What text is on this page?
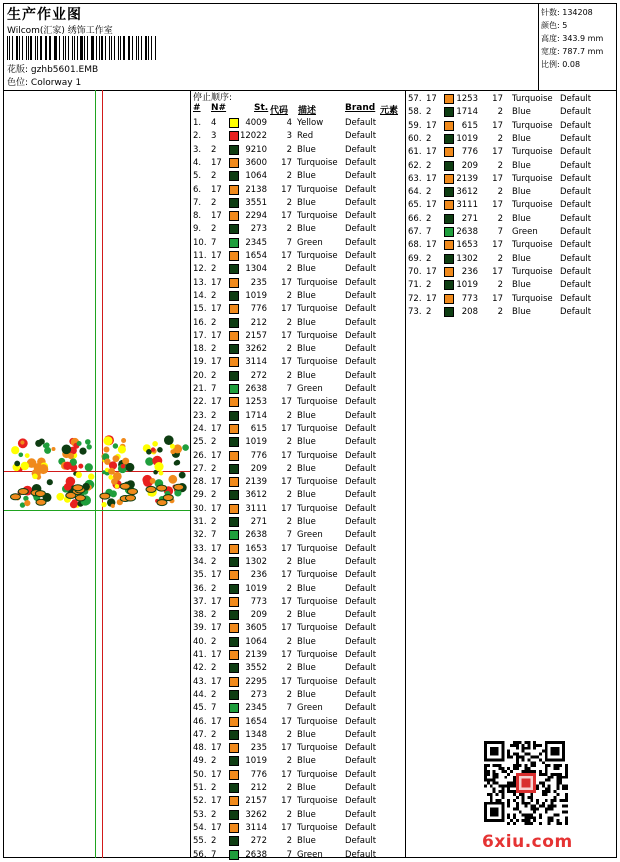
生产作业图
Wilcom(汇家) 绣饰工作室
花版: gzhb5601.EMB
色位: Colorway 1
针数: 134208
颜色: 5
高度: 343.9 mm
宽度: 787.7 mm
比例: 0.08
停止顺序:
# N#	St. 代码 描述	Brand 元素
1. 4	4009 4 Yellow	Default
2. 3	12022 3 Red	Default
3. 2	9210 2 Blue	Default
4. 17	3600 17 Turquoise Default
5. 2	1064 2 Blue	Default
6. 17	2138 17 Turquoise Default
7. 2	3551 2 Blue	Default
8. 17	2294 17 Turquoise Default
9. 2	273 2 Blue	Default
10. 7	2345 7 Green	Default
11. 17	1654 17 Turquoise Default
12. 2	1304 2 Blue	Default
13. 17	235 17 Turquoise Default
14. 2	1019 2 Blue	Default
15. 17	776 17 Turquoise Default
16. 2	212 2 Blue	Default
17. 17	2157 17 Turquoise Default
18. 2	3262 2 Blue	Default
19. 17	3114 17 Turquoise Default
20. 2	272 2 Blue	Default
21. 7	2638 7 Green	Default
22. 17	1253 17 Turquoise Default
23. 2	1714 2 Blue	Default
24. 17	615 17 Turquoise Default
25. 2	1019 2 Blue	Default
26. 17	776 17 Turquoise Default
27. 2	209 2 Blue	Default
28. 17	2139 17 Turquoise Default
29. 2	3612 2 Blue	Default
30. 17	3111 17 Turquoise Default
31. 2	271 2 Blue	Default
32. 7	2638 7 Green	Default
33. 17	1653 17 Turquoise Default
34. 2	1302 2 Blue	Default
35. 17	236 17 Turquoise Default
36. 2	1019 2 Blue	Default
37. 17	773 17 Turquoise Default
38. 2	209 2 Blue	Default
39. 17	3605 17 Turquoise Default
40. 2	1064 2 Blue	Default
41. 17	2139 17 Turquoise Default
42. 2	3552 2 Blue	Default
43. 17	2295 17 Turquoise Default
44. 2	273 2 Blue	Default
45. 7	2345 7 Green	Default
46. 17	1654 17 Turquoise Default
47. 2	1348 2 Blue	Default
48. 17	235 17 Turquoise Default
49. 2	1019 2 Blue	Default
50. 17	776 17 Turquoise Default
51. 2	212 2 Blue	Default
52. 17	2157 17 Turquoise Default
53. 2	3262 2 Blue	Default
54. 17	3114 17 Turquoise Default
55. 2	272 2 Blue	Default
56. 7	2638 7 Green	Default
57. 17 1253 17 Turquoise Default
58. 2	1714 2 Blue	Default
59. 17	615 17 Turquoise Default
60. 2	1019 2 Blue	Default
61. 17	776 17 Turquoise Default
62. 2	209 2 Blue	Default
63. 17 2139 17 Turquoise Default
64. 2	3612 2 Blue	Default
65. 17 3111 17 Turquoise Default
66. 2	271 2 Blue	Default
67. 7	2638 7 Green	Default
68. 17 1653 17 Turquoise Default
69. 2	1302 2 Blue	Default
70. 17	236 17 Turquoise Default
71. 2	1019 2 Blue	Default
72. 17	773 17 Turquoise Default
73. 2	208 2 Blue	Default
6xiu.com
